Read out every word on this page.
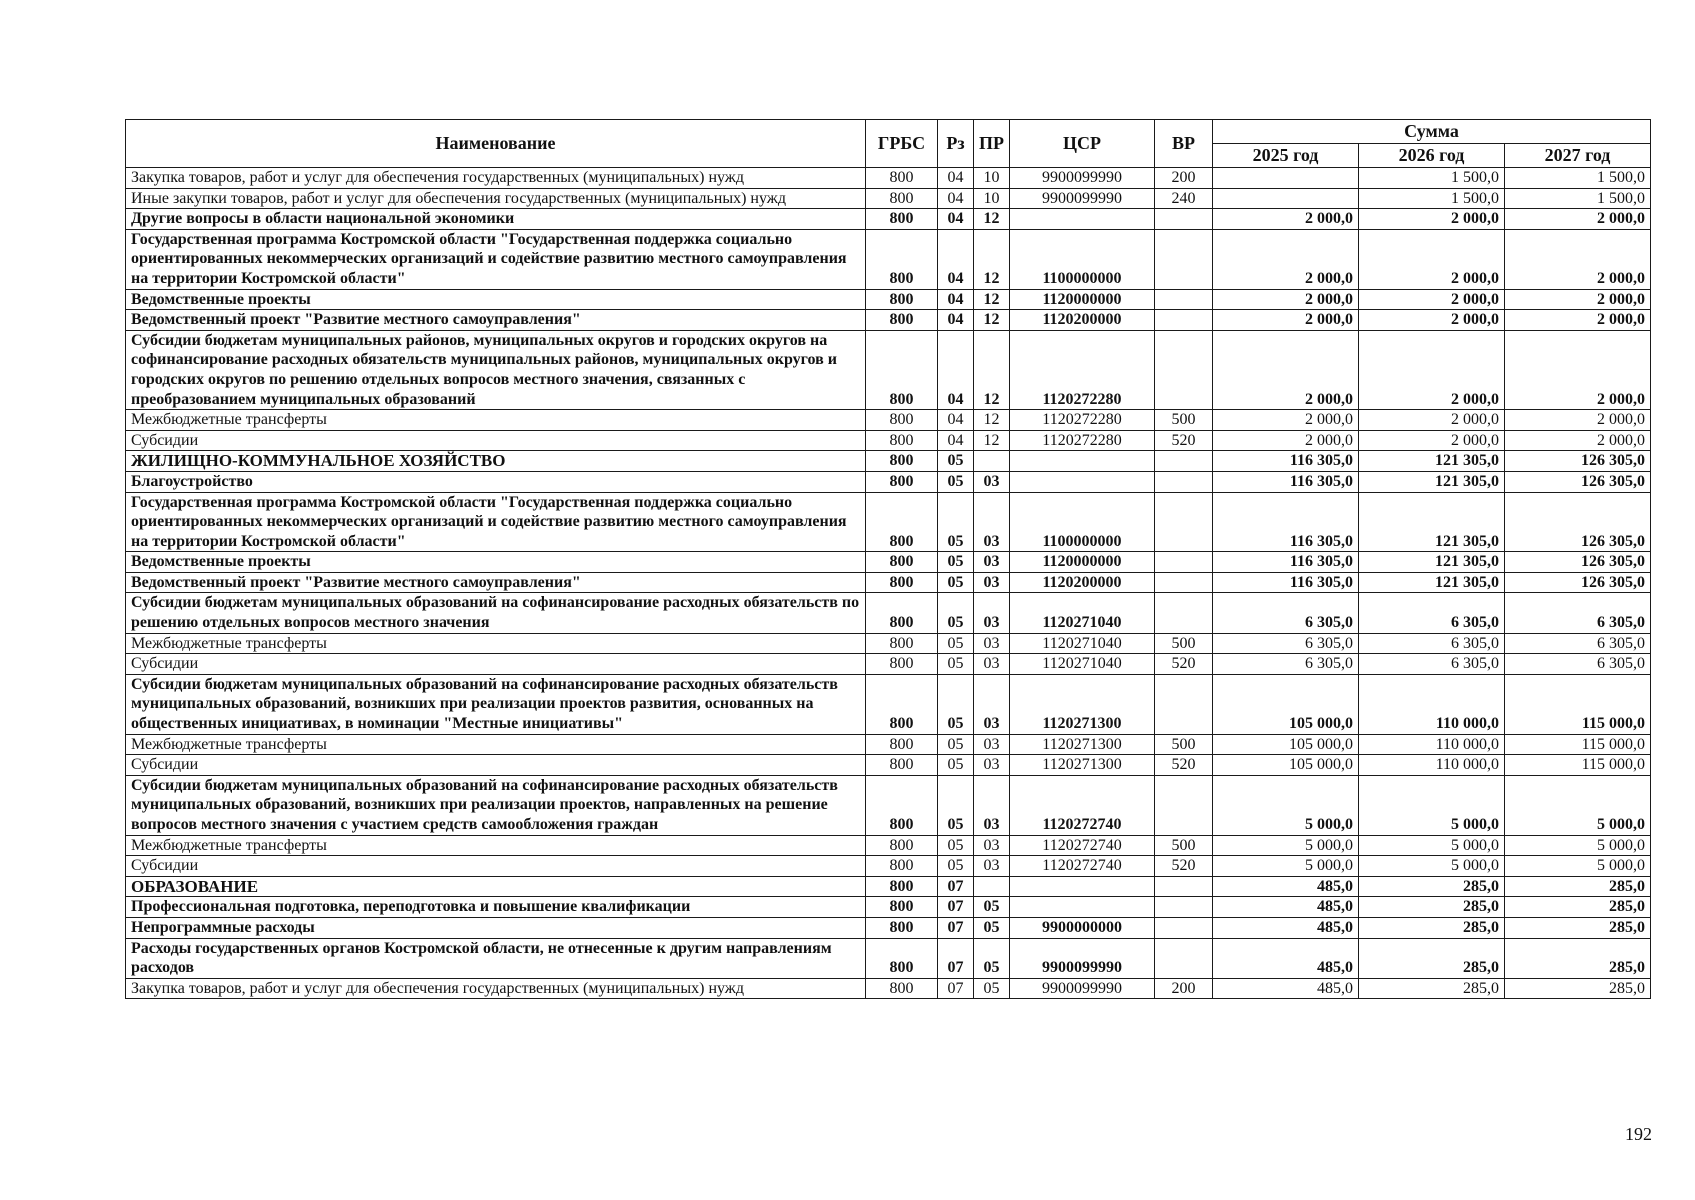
Наименование	ГРБС	Рз	ПР	ЦСР	ВР	Сумма		
						2025 год	2026 год	2027 год
Закупка товаров, работ и услуг для обеспечения государственных (муниципальных) нужд	800	04	10	9900099990	200		1 500,0	1 500,0
Иные закупки товаров, работ и услуг для обеспечения государственных (муниципальных) нужд	800	04	10	9900099990	240		1 500,0	1 500,0
Другие вопросы в области национальной экономики	800	04	12			2 000,0	2 000,0	2 000,0
Государственная программа Костромской области "Государственная поддержка социально ориентированных некоммерческих организаций и содействие развитию местного самоуправления на территории Костромской области"	800	04	12	1100000000		2 000,0	2 000,0	2 000,0
Ведомственные проекты	800	04	12	1120000000		2 000,0	2 000,0	2 000,0
Ведомственный проект "Развитие местного самоуправления"	800	04	12	1120200000		2 000,0	2 000,0	2 000,0
Субсидии бюджетам муниципальных районов, муниципальных округов и городских округов на софинансирование расходных обязательств муниципальных районов, муниципальных округов и городских округов по решению отдельных вопросов местного значения, связанных с преобразованием муниципальных образований	800	04	12	1120272280		2 000,0	2 000,0	2 000,0
Межбюджетные трансферты	800	04	12	1120272280	500	2 000,0	2 000,0	2 000,0
Субсидии	800	04	12	1120272280	520	2 000,0	2 000,0	2 000,0
ЖИЛИЩНО-КОММУНАЛЬНОЕ ХОЗЯЙСТВО	800	05				116 305,0	121 305,0	126 305,0
Благоустройство	800	05	03			116 305,0	121 305,0	126 305,0
Государственная программа Костромской области "Государственная поддержка социально ориентированных некоммерческих организаций и содействие развитию местного самоуправления на территории Костромской области"	800	05	03	1100000000		116 305,0	121 305,0	126 305,0
Ведомственные проекты	800	05	03	1120000000		116 305,0	121 305,0	126 305,0
Ведомственный проект "Развитие местного самоуправления"	800	05	03	1120200000		116 305,0	121 305,0	126 305,0
Субсидии бюджетам муниципальных образований на софинансирование расходных обязательств по решению отдельных вопросов местного значения	800	05	03	1120271040		6 305,0	6 305,0	6 305,0
Межбюджетные трансферты	800	05	03	1120271040	500	6 305,0	6 305,0	6 305,0
Субсидии	800	05	03	1120271040	520	6 305,0	6 305,0	6 305,0
Субсидии бюджетам муниципальных образований на софинансирование расходных обязательств муниципальных образований, возникших при реализации проектов развития, основанных на общественных инициативах, в номинации "Местные инициативы"	800	05	03	1120271300		105 000,0	110 000,0	115 000,0
Межбюджетные трансферты	800	05	03	1120271300	500	105 000,0	110 000,0	115 000,0
Субсидии	800	05	03	1120271300	520	105 000,0	110 000,0	115 000,0
Субсидии бюджетам муниципальных образований на софинансирование расходных обязательств муниципальных образований, возникших при реализации проектов, направленных на решение вопросов местного значения с участием средств самообложения граждан	800	05	03	1120272740		5 000,0	5 000,0	5 000,0
Межбюджетные трансферты	800	05	03	1120272740	500	5 000,0	5 000,0	5 000,0
Субсидии	800	05	03	1120272740	520	5 000,0	5 000,0	5 000,0
ОБРАЗОВАНИЕ	800	07				485,0	285,0	285,0
Профессиональная подготовка, переподготовка и повышение квалификации	800	07	05			485,0	285,0	285,0
Непрограммные расходы	800	07	05	9900000000		485,0	285,0	285,0
Расходы государственных органов Костромской области, не отнесенные к другим направлениям расходов	800	07	05	9900099990		485,0	285,0	285,0
Закупка товаров, работ и услуг для обеспечения государственных (муниципальных) нужд	800	07	05	9900099990	200	485,0	285,0	285,0
192
